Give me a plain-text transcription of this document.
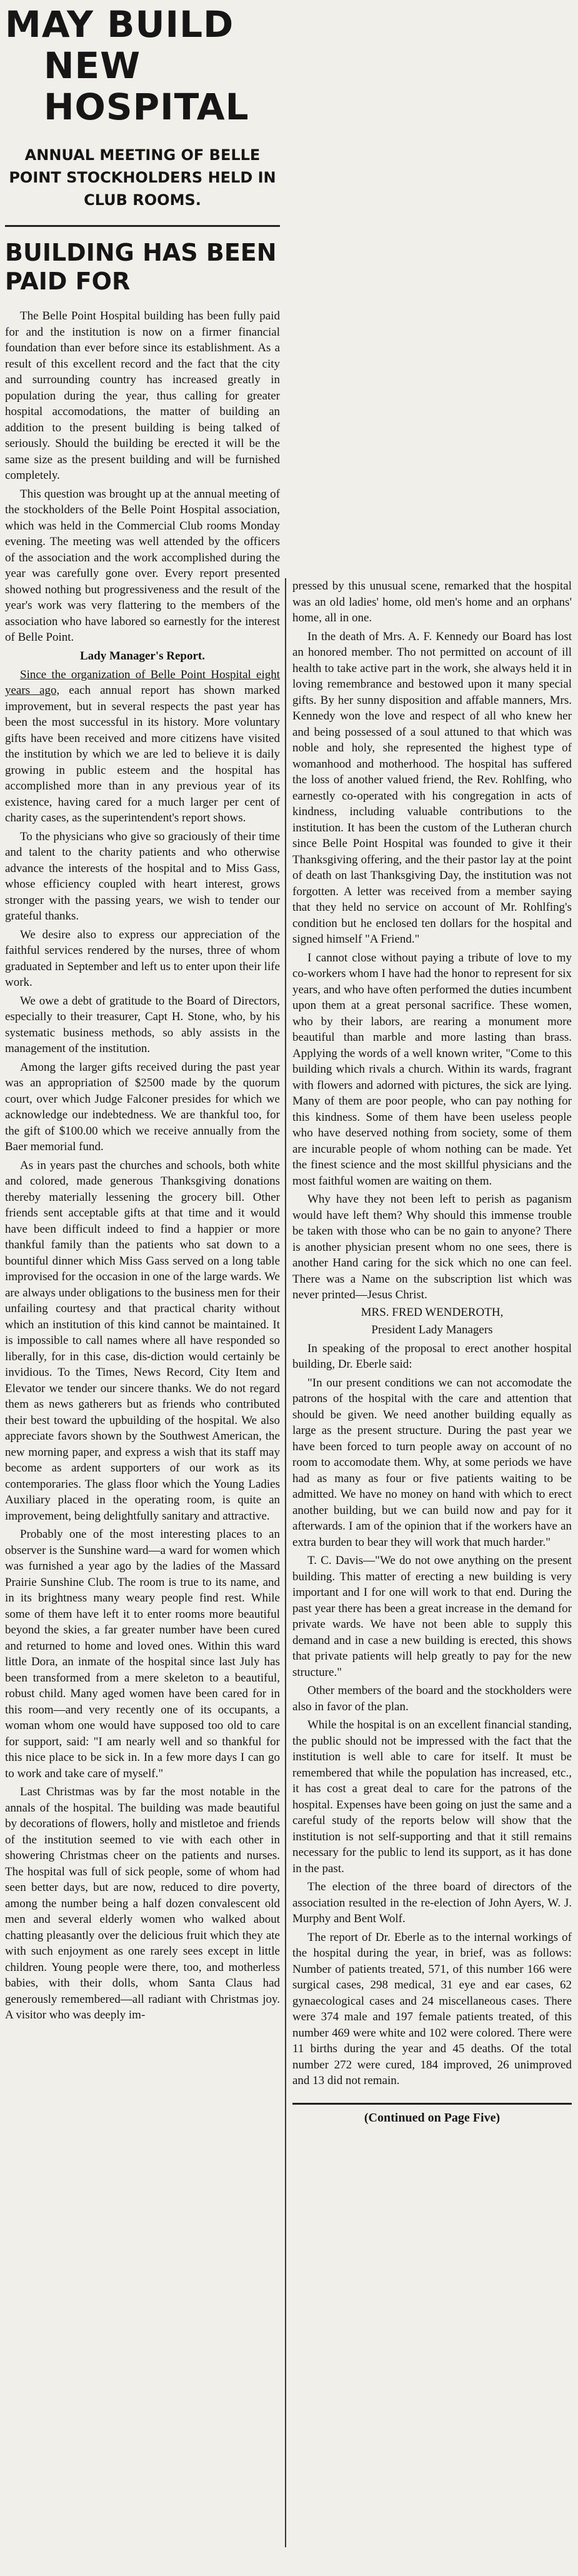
MAY BUILD
NEW HOSPITAL
ANNUAL MEETING OF BELLE POINT STOCKHOLDERS HELD IN CLUB ROOMS.
BUILDING HAS BEEN PAID FOR

The Belle Point Hospital building has been fully paid for and the institution is now on a firmer financial foundation than ever before since its establishment. As a result of this excellent record and the fact that the city and surrounding country has increased greatly in population during the year, thus calling for greater hospital accomodations, the matter of building an addition to the present building is being talked of seriously. Should the building be erected it will be the same size as the present building and will be furnished completely.

This question was brought up at the annual meeting of the stockholders of the Belle Point Hospital association, which was held in the Commercial Club rooms Monday evening. The meeting was well attended by the officers of the association and the work accomplished during the year was carefully gone over. Every report presented showed nothing but progressiveness and the result of the year's work was very flattering to the members of the association who have labored so earnestly for the interest of Belle Point.

Lady Manager's Report.

Since the organization of Belle Point Hospital eight years ago, each annual report has shown marked improvement, but in several respects the past year has been the most successful in its history. More voluntary gifts have been received and more citizens have visited the institution by which we are led to believe it is daily growing in public esteem and the hospital has accomplished more than in any previous year of its existence, having cared for a much larger per cent of charity cases, as the superintendent's report shows.

To the physicians who give so graciously of their time and talent to the charity patients and who otherwise advance the interests of the hospital and to Miss Gass, whose efficiency coupled with heart interest, grows stronger with the passing years, we wish to tender our grateful thanks.

We desire also to express our appreciation of the faithful services rendered by the nurses, three of whom graduated in September and left us to enter upon their life work.

We owe a debt of gratitude to the Board of Directors, especially to their treasurer, Capt H. Stone, who, by his systematic business methods, so ably assists in the management of the institution.

Among the larger gifts received during the past year was an appropriation of $2500 made by the quorum court, over which Judge Falconer presides for which we acknowledge our indebtedness. We are thankful too, for the gift of $100.00 which we receive annually from the Baer memorial fund.

As in years past the churches and schools, both white and colored, made generous Thanksgiving donations thereby materially lessening the grocery bill. Other friends sent acceptable gifts at that time and it would have been difficult indeed to find a happier or more thankful family than the patients who sat down to a bountiful dinner which Miss Gass served on a long table improvised for the occasion in one of the large wards. We are always under obligations to the business men for their unfailing courtesy and that practical charity without which an institution of this kind cannot be maintained. It is impossible to call names where all have responded so liberally, for in this case, dis-diction would certainly be invidious. To the Times, News Record, City Item and Elevator we tender our sincere thanks. We do not regard them as news gatherers but as friends who contributed their best toward the upbuilding of the hospital. We also appreciate favors shown by the Southwest American, the new morning paper, and express a wish that its staff may become as ardent supporters of our work as its contemporaries. The glass floor which the Young Ladies Auxiliary placed in the operating room, is quite an improvement, being delightfully sanitary and attractive.

Probably one of the most interesting places to an observer is the Sunshine ward—a ward for women which was furnished a year ago by the ladies of the Massard Prairie Sunshine Club. The room is true to its name, and in its brightness many weary people find rest. While some of them have left it to enter rooms more beautiful beyond the skies, a far greater number have been cured and returned to home and loved ones. Within this ward little Dora, an inmate of the hospital since last July has been transformed from a mere skeleton to a beautiful, robust child. Many aged women have been cared for in this room—and very recently one of its occupants, a woman whom one would have supposed too old to care for support, said: "I am nearly well and so thankful for this nice place to be sick in. In a few more days I can go to work and take care of myself."

Last Christmas was by far the most notable in the annals of the hospital. The building was made beautiful by decorations of flowers, holly and mistletoe and friends of the institution seemed to vie with each other in showering Christmas cheer on the patients and nurses. The hospital was full of sick people, some of whom had seen better days, but are now, reduced to dire poverty, among the number being a half dozen convalescent old men and several elderly women who walked about chatting pleasantly over the delicious fruit which they ate with such enjoyment as one rarely sees except in little children. Young people were there, too, and motherless babies, with their dolls, whom Santa Claus had generously remembered—all radiant with Christmas joy. A visitor who was deeply im-

pressed by this unusual scene, remarked that the hospital was an old ladies' home, old men's home and an orphans' home, all in one.

In the death of Mrs. A. F. Kennedy our Board has lost an honored member. Tho not permitted on account of ill health to take active part in the work, she always held it in loving remembrance and bestowed upon it many special gifts. By her sunny disposition and affable manners, Mrs. Kennedy won the love and respect of all who knew her and being possessed of a soul attuned to that which was noble and holy, she represented the highest type of womanhood and motherhood. The hospital has suffered the loss of another valued friend, the Rev. Rohlfing, who earnestly co-operated with his congregation in acts of kindness, including valuable contributions to the institution. It has been the custom of the Lutheran church since Belle Point Hospital was founded to give it their Thanksgiving offering, and the their pastor lay at the point of death on last Thanksgiving Day, the institution was not forgotten. A letter was received from a member saying that they held no service on account of Mr. Rohlfing's condition but he enclosed ten dollars for the hospital and signed himself "A Friend."

I cannot close without paying a tribute of love to my co-workers whom I have had the honor to represent for six years, and who have often performed the duties incumbent upon them at a great personal sacrifice. These women, who by their labors, are rearing a monument more beautiful than marble and more lasting than brass. Applying the words of a well known writer, "Come to this building which rivals a church. Within its wards, fragrant with flowers and adorned with pictures, the sick are lying. Many of them are poor people, who can pay nothing for this kindness. Some of them have been useless people who have deserved nothing from society, some of them are incurable people of whom nothing can be made. Yet the finest science and the most skillful physicians and the most faithful women are waiting on them.

Why have they not been left to perish as paganism would have left them? Why should this immense trouble be taken with those who can be no gain to anyone? There is another physician present whom no one sees, there is another Hand caring for the sick which no one can feel. There was a Name on the subscription list which was never printed—Jesus Christ.

MRS. FRED WENDEROTH,
President Lady Managers

In speaking of the proposal to erect another hospital building, Dr. Eberle said:

"In our present conditions we can not accomodate the patrons of the hospital with the care and attention that should be given. We need another building equally as large as the present structure. During the past year we have been forced to turn people away on account of no room to accomodate them. Why, at some periods we have had as many as four or five patients waiting to be admitted. We have no money on hand with which to erect another building, but we can build now and pay for it afterwards. I am of the opinion that if the workers have an extra burden to bear they will work that much harder."

T. C. Davis—"We do not owe anything on the present building. This matter of erecting a new building is very important and I for one will work to that end. During the past year there has been a great increase in the demand for private wards. We have not been able to supply this demand and in case a new building is erected, this shows that private patients will help greatly to pay for the new structure."

Other members of the board and the stockholders were also in favor of the plan.

While the hospital is on an excellent financial standing, the public should not be impressed with the fact that the institution is well able to care for itself. It must be remembered that while the population has increased, etc., it has cost a great deal to care for the patrons of the hospital. Expenses have been going on just the same and a careful study of the reports below will show that the institution is not self-supporting and that it still remains necessary for the public to lend its support, as it has done in the past.

The election of the three board of directors of the association resulted in the re-election of John Ayers, W. J. Murphy and Bent Wolf.

The report of Dr. Eberle as to the internal workings of the hospital during the year, in brief, was as follows: Number of patients treated, 571, of this number 166 were surgical cases, 298 medical, 31 eye and ear cases, 62 gynaecological cases and 24 miscellaneous cases. There were 374 male and 197 female patients treated, of this number 469 were white and 102 were colored. There were 11 births during the year and 45 deaths. Of the total number 272 were cured, 184 improved, 26 unimproved and 13 did not remain.

(Continued on Page Five)
